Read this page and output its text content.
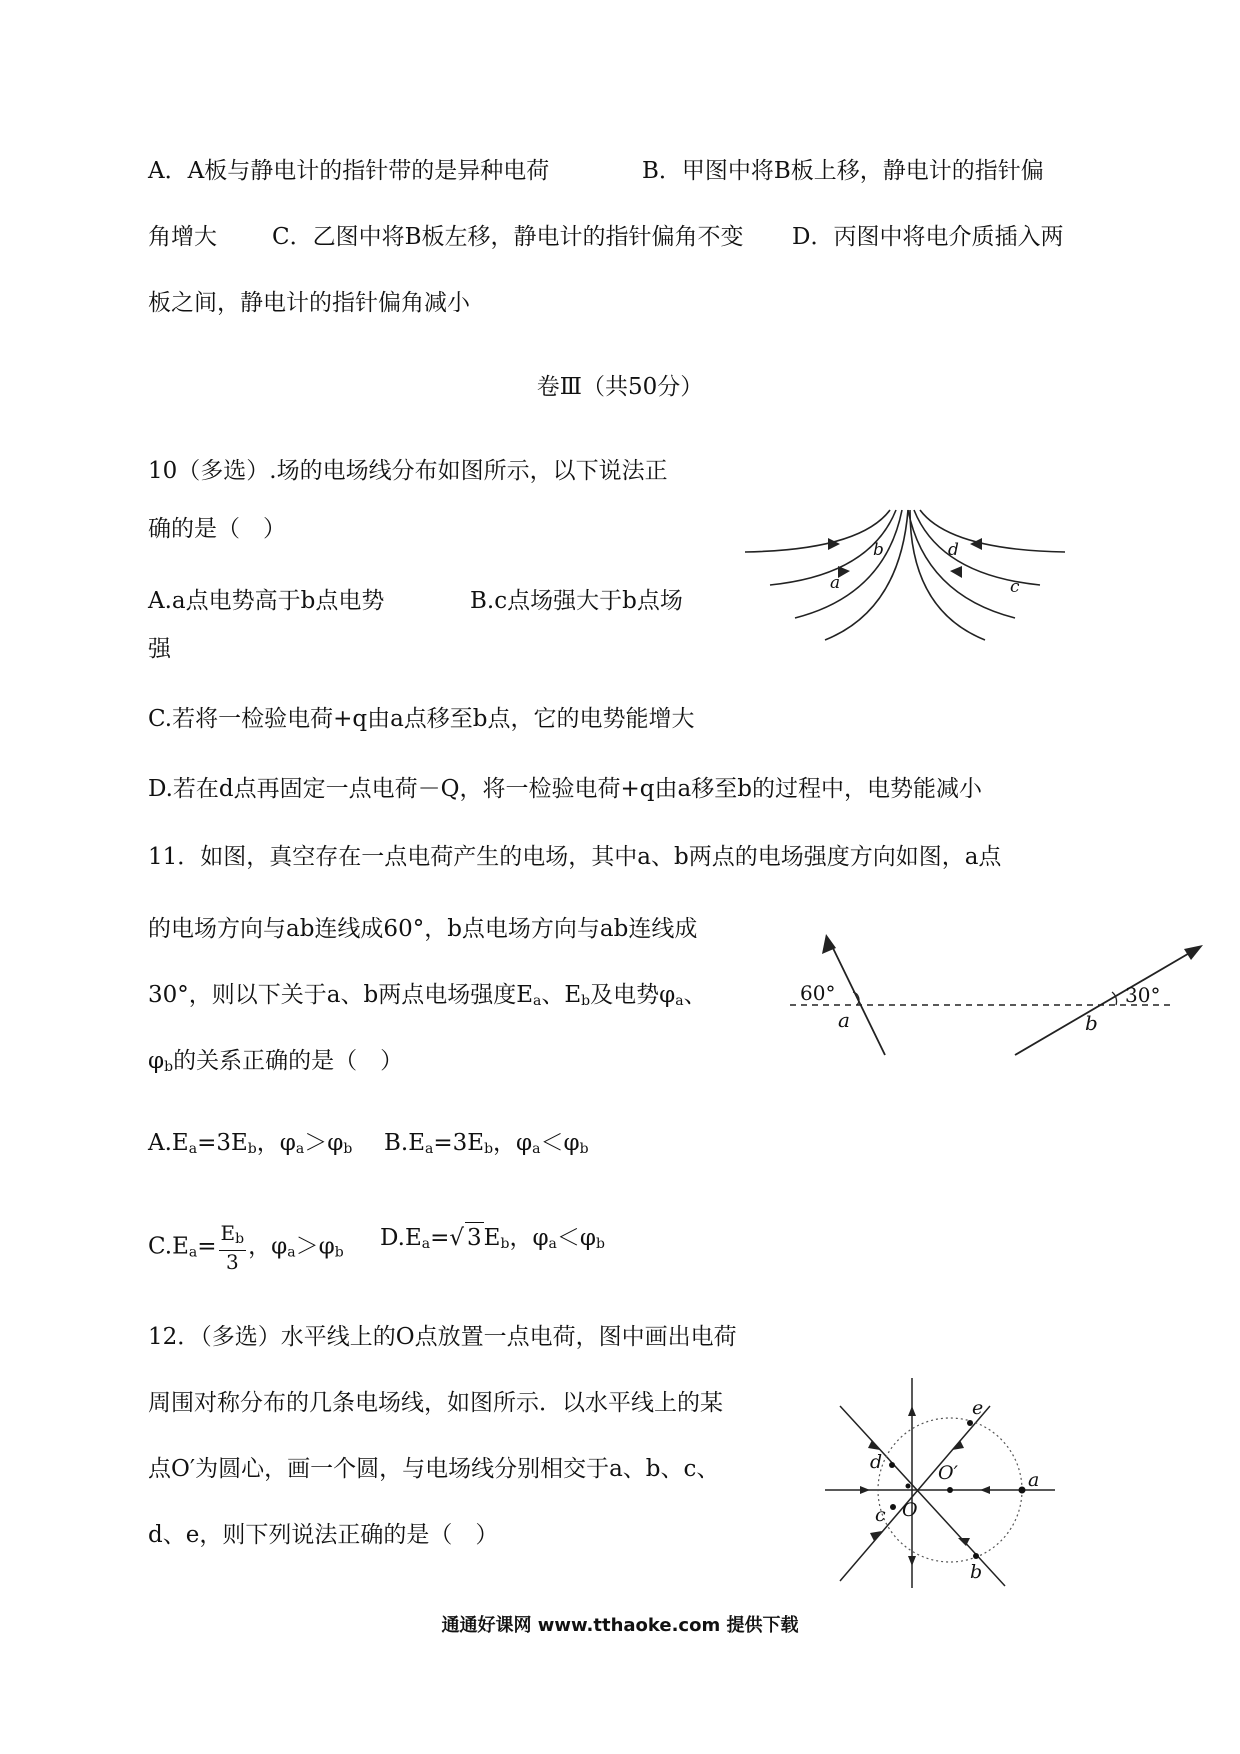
A．A板与静电计的指针带的是异种电荷	B．甲图中将B板上移，静电计的指针偏
角增大 C．乙图中将B板左移，静电计的指针偏角不变 D．丙图中将电介质插入两
板之间，静电计的指针偏角减小
卷Ⅲ（共50分）
10（多选）.场的电场线分布如图所示，以下说法正
确的是（　）
A.a点电势高于b点电势	B.c点场强大于b点场
强
C.若将一检验电荷+q由a点移至b点，它的电势能增大
D.若在d点再固定一点电荷－Q，将一检验电荷+q由a移至b的过程中，电势能减小
a
b
c
d
11．如图，真空存在一点电荷产生的电场，其中a、b两点的电场强度方向如图，a点
的电场方向与ab连线成60°，b点电场方向与ab连线成
30°，则以下关于a、b两点电场强度$E_a$、$E_b$及电势$\varphi_a$、
$\varphi_b$的关系正确的是（　）
$A.E_a=3E_b$，$\varphi_a>\varphi_b$ $B.E_a=3E_b$，$\varphi_a<\varphi_b$
$C.E_a= \frac{E_b}{3}$ ，$\varphi_a>\varphi_b$
$D.E_a=√$ $3E_b$，$\varphi_a<\varphi_b$
60°	30°
a	b
12．（多选）水平线上的O点放置一点电荷，图中画出电荷
周围对称分布的几条电场线，如图所示．以水平线上的某
点O′为圆心，画一个圆，与电场线分别相交于a、b、c、
d、e，则下列说法正确的是（　）
a
b
c
d
e
O
O′
通通好课网 www.tthaoke.com 提供下载
